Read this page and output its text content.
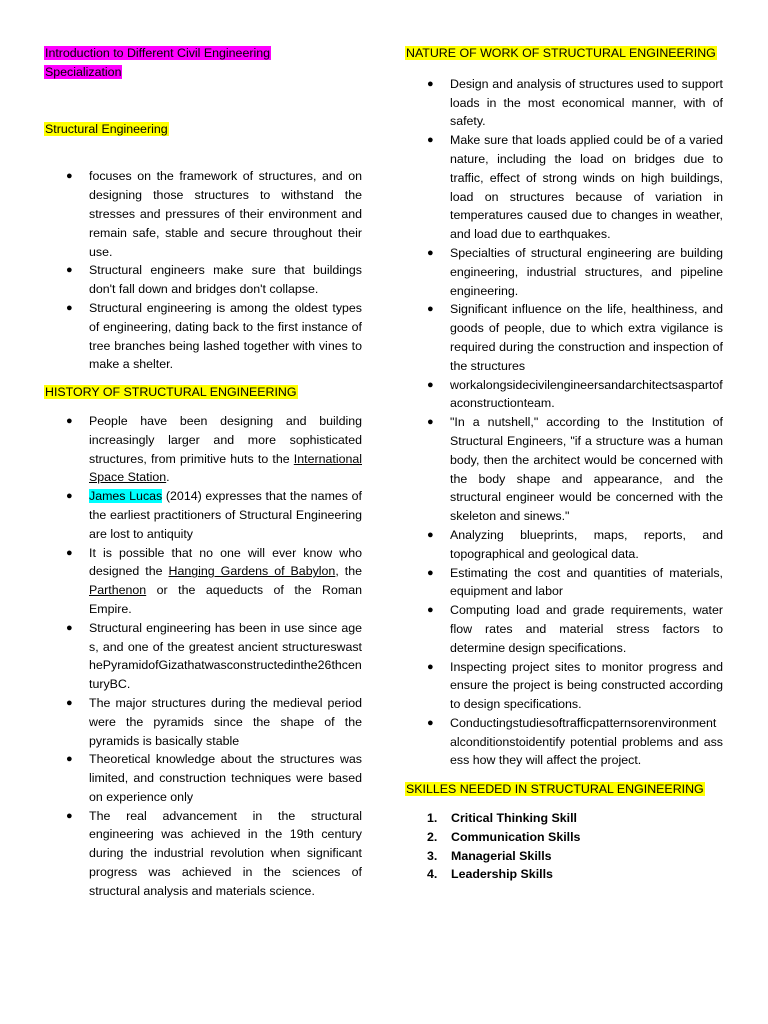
Introduction to Different Civil Engineering
Specialization
Structural Engineering
● focuses on the framework of structures, and on designing those structures to withstand the stresses and pressures of their environment and remain safe, stable and secure throughout their use.
● Structural engineers make sure that buildings don't fall down and bridges don't collapse.
● Structural engineering is among the oldest types of engineering, dating back to the first instance of tree branches being lashed together with vines to make a shelter.
HISTORY OF STRUCTURAL ENGINEERING
● People have been designing and building increasingly larger and more sophisticated structures, from primitive huts to the International Space Station.
● James Lucas (2014) expresses that the names of the earliest practitioners of Structural Engineering are lost to antiquity
● It is possible that no one will ever know who designed the Hanging Gardens of Babylon, the Parthenon or the aqueducts of the Roman Empire.
● Structural engineering has been in use since ages, and one of the greatest ancient structureswasthePyramidofGizathatwasconstructedinthe26thcenturyBC.
● The major structures during the medieval period were the pyramids since the shape of the pyramids is basically stable
● Theoretical knowledge about the structures was limited, and construction techniques were based on experience only
● The real advancement in the structural engineering was achieved in the 19th century during the industrial revolution when significant progress was achieved in the sciences of structural analysis and materials science.
NATURE OF WORK OF STRUCTURAL ENGINEERING
● Design and analysis of structures used to support loads in the most economical manner, with of safety.
● Make sure that loads applied could be of a varied nature, including the load on bridges due to traffic, effect of strong winds on high buildings, load on structures because of variation in temperatures caused due to changes in weather, and load due to earthquakes.
● Specialties of structural engineering are building engineering, industrial structures, and pipeline engineering.
● Significant influence on the life, healthiness, and goods of people, due to which extra vigilance is required during the construction and inspection of the structures
● workalongsidecivilengineersandarchitectsaspartofaconstructionteam.
● "In a nutshell," according to the Institution of Structural Engineers, "if a structure was a human body, then the architect would be concerned with the body shape and appearance, and the structural engineer would be concerned with the skeleton and sinews."
● Analyzing blueprints, maps, reports, and topographical and geological data.
● Estimating the cost and quantities of materials, equipment and labor
● Computing load and grade requirements, water flow rates and material stress factors to determine design specifications.
● Inspecting project sites to monitor progress and ensure the project is being constructed according to design specifications.
● Conductingstudiesoftrafficpatternsorenvironmentalconditionstoidentify potential problems and assess how they will affect the project.
SKILLES NEEDED IN STRUCTURAL ENGINEERING
1. Critical Thinking Skill
2. Communication Skills
3. Managerial Skills
4. Leadership Skills
